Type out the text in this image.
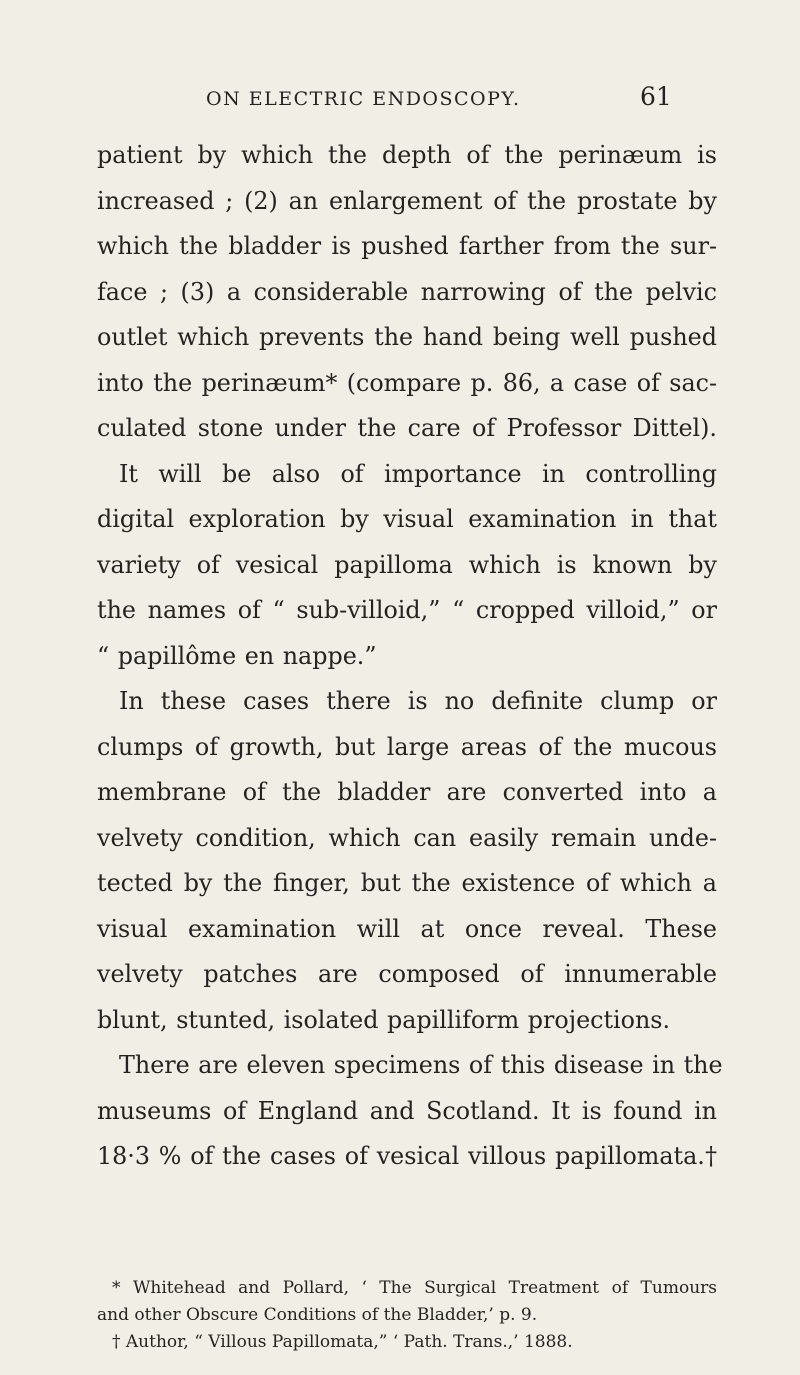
ON ELECTRIC ENDOSCOPY.	61
patient by which the depth of the perinæum is
increased ; (2) an enlargement of the prostate by
which the bladder is pushed farther from the sur-
face ; (3) a considerable narrowing of the pelvic
outlet which prevents the hand being well pushed
into the perinæum* (compare p. 86, a case of sac-
culated stone under the care of Professor Dittel).
It will be also of importance in controlling
digital exploration by visual examination in that
variety of vesical papilloma which is known by
the names of “ sub-villoid,” “ cropped villoid,” or
“ papillôme en nappe.”
In these cases there is no definite clump or
clumps of growth, but large areas of the mucous
membrane of the bladder are converted into a
velvety condition, which can easily remain unde-
tected by the finger, but the existence of which a
visual examination will at once reveal. These
velvety patches are composed of innumerable
blunt, stunted, isolated papilliform projections.
There are eleven specimens of this disease in the
museums of England and Scotland. It is found in
18·3 % of the cases of vesical villous papillomata.†
* Whitehead and Pollard, ‘ The Surgical Treatment of Tumours
and other Obscure Conditions of the Bladder,’ p. 9.
† Author, “ Villous Papillomata,” ‘ Path. Trans.,’ 1888.
